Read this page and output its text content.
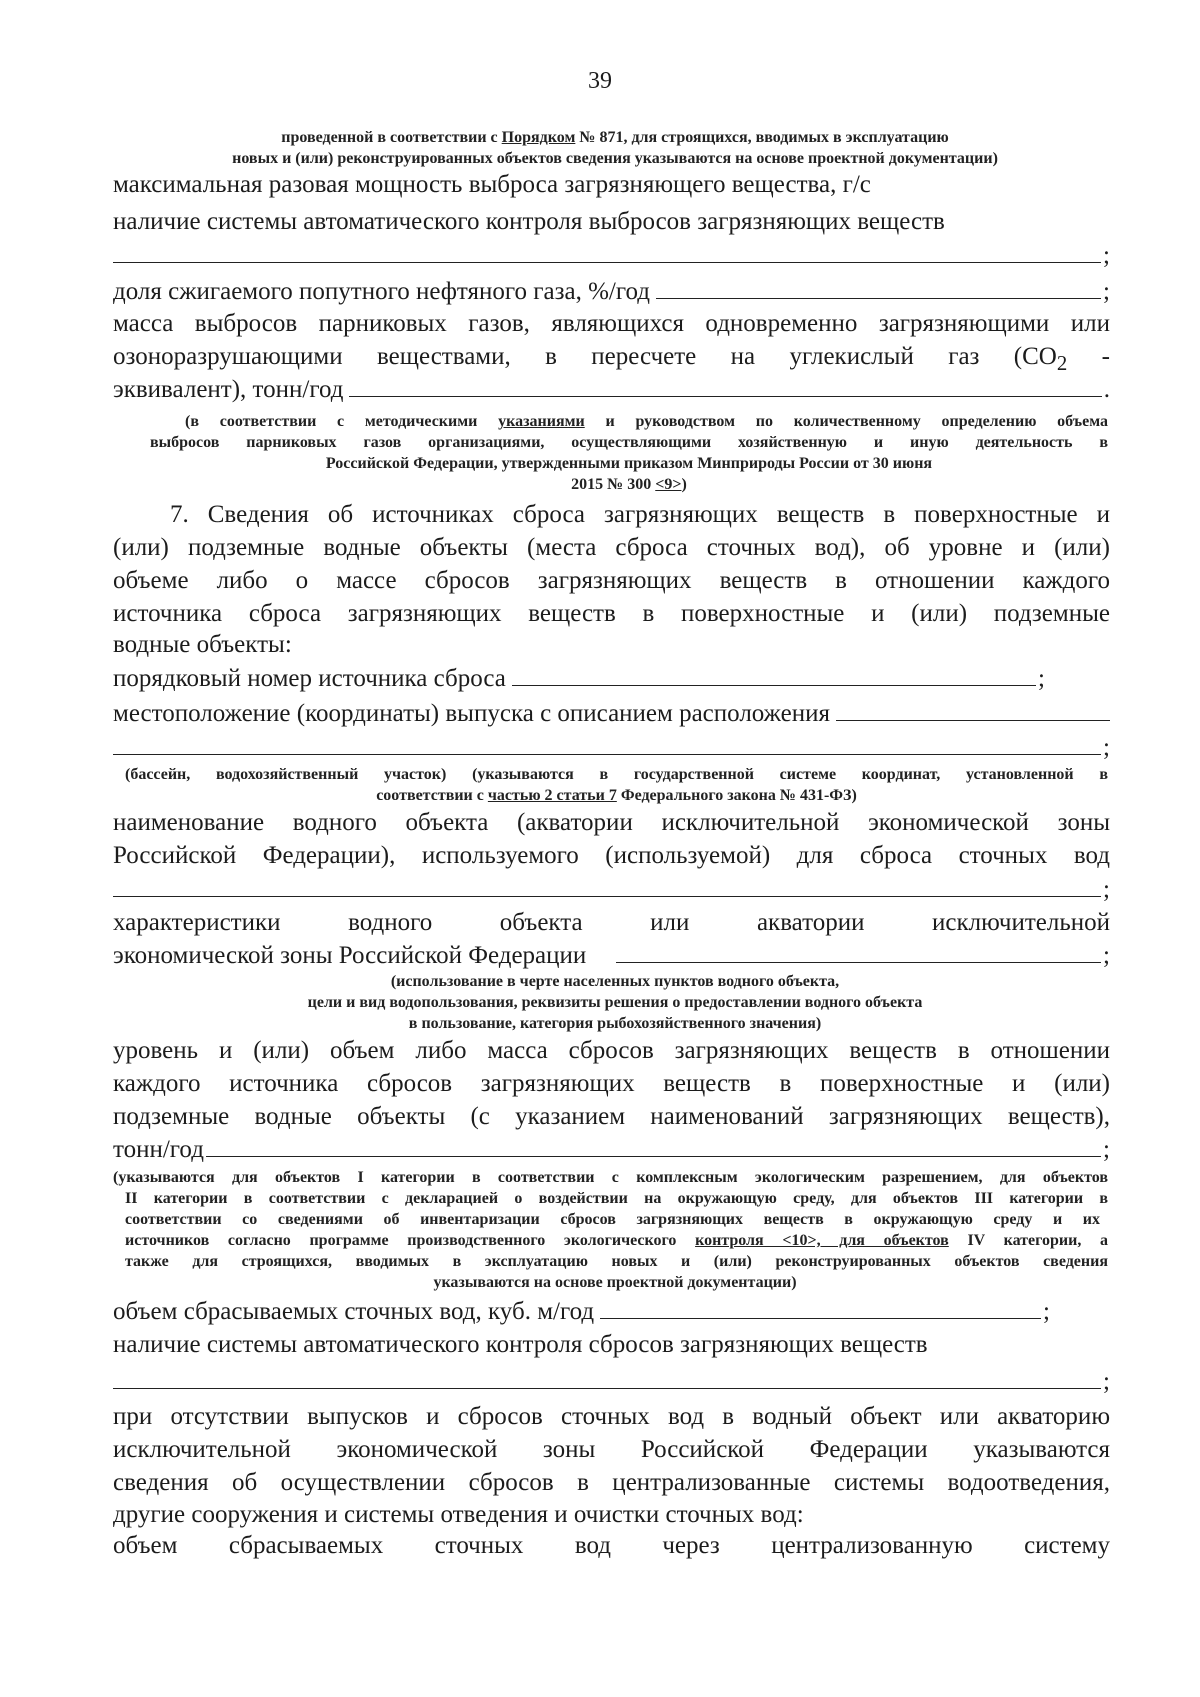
39
проведенной в соответствии с Порядком № 871, для строящихся, вводимых в эксплуатацию
новых и (или) реконструированных объектов сведения указываются на основе проектной документации)
максимальная разовая мощность выброса загрязняющего вещества, г/с
наличие системы автоматического контроля выбросов загрязняющих веществ
;
доля сжигаемого попутного нефтяного газа, %/год	;
масса выбросов парниковых газов, являющихся одновременно загрязняющими или
озоноразрушающими веществами, в пересчете на углекислый газ ($CO_2$ -
эквивалент), тонн/год	.
(в соответствии с методическими указаниями и руководством по количественному определению объема
выбросов парниковых газов организациями, осуществляющими хозяйственную и иную деятельность в
Российской Федерации, утвержденными приказом Минприроды России от 30 июня
2015 № 300 <9>)
7. Сведения об источниках сброса загрязняющих веществ в поверхностные и
(или) подземные водные объекты (места сброса сточных вод), об уровне и (или)
объеме либо о массе сбросов загрязняющих веществ в отношении каждого
источника сброса загрязняющих веществ в поверхностные и (или) подземные
водные объекты:
порядковый номер источника сброса	;
местоположение (координаты) выпуска с описанием расположения
;
(бассейн, водохозяйственный участок) (указываются в государственной системе координат, установленной в
соответствии с частью 2 статьи 7 Федерального закона № 431-ФЗ)
наименование водного объекта (акватории исключительной экономической зоны
Российской Федерации), используемого (используемой) для сброса сточных вод
;
характеристики водного объекта или акватории исключительной
экономической зоны Российской Федерации	;
(использование в черте населенных пунктов водного объекта,
цели и вид водопользования, реквизиты решения о предоставлении водного объекта
в пользование, категория рыбохозяйственного значения)
уровень и (или) объем либо масса сбросов загрязняющих веществ в отношении
каждого источника сбросов загрязняющих веществ в поверхностные и (или)
подземные водные объекты (с указанием наименований загрязняющих веществ),
тонн/год	;
(указываются для объектов I категории в соответствии с комплексным экологическим разрешением, для объектов
II категории в соответствии с декларацией о воздействии на окружающую среду, для объектов III категории в
соответствии со сведениями об инвентаризации сбросов загрязняющих веществ в окружающую среду и их
источников согласно программе производственного экологического контроля <10>, для объектов IV категории, а
также для строящихся, вводимых в эксплуатацию новых и (или) реконструированных объектов сведения
указываются на основе проектной документации)
объем сбрасываемых сточных вод, куб. м/год	;
наличие системы автоматического контроля сбросов загрязняющих веществ
;
при отсутствии выпусков и сбросов сточных вод в водный объект или акваторию
исключительной экономической зоны Российской Федерации указываются
сведения об осуществлении сбросов в централизованные системы водоотведения,
другие сооружения и системы отведения и очистки сточных вод:
объем сбрасываемых сточных вод через централизованную систему
